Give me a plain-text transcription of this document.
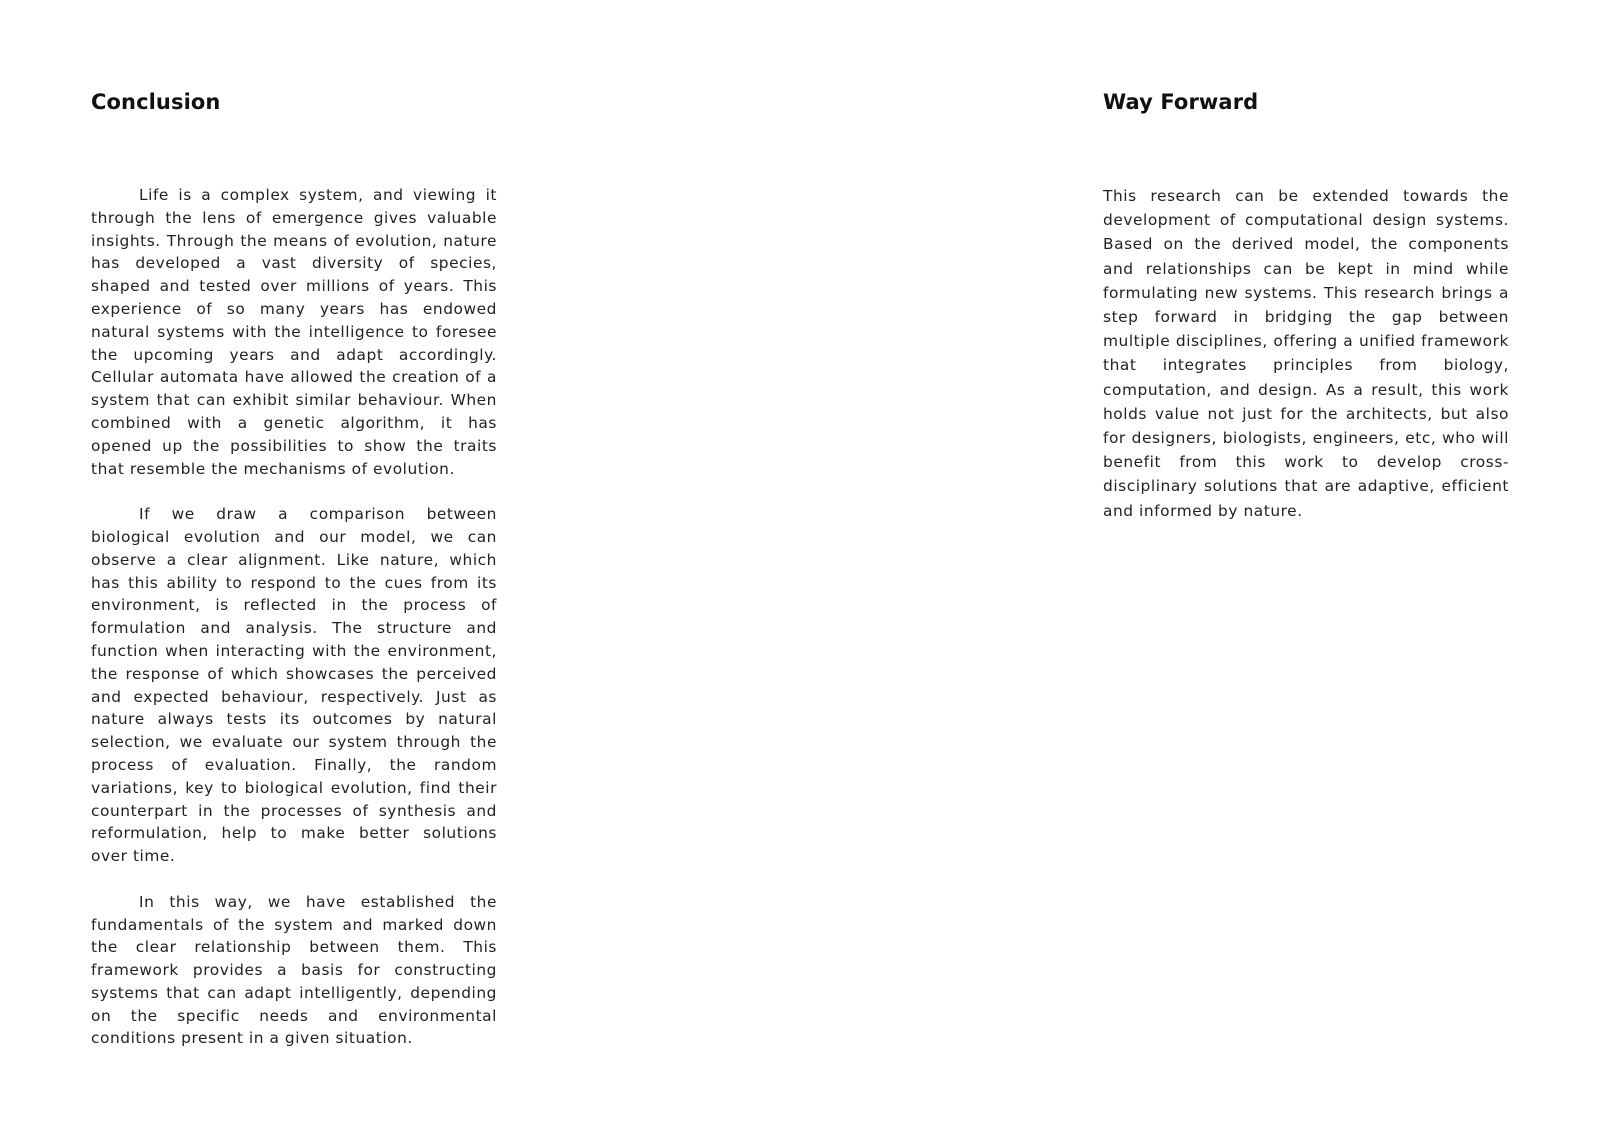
Conclusion

Life is a complex system, and viewing it through the lens of emergence gives valuable insights. Through the means of evolution, nature has developed a vast diversity of species, shaped and tested over millions of years. This experience of so many years has endowed natural systems with the intelligence to foresee the upcoming years and adapt accordingly. Cellular automata have allowed the creation of a system that can exhibit similar behaviour. When combined with a genetic algorithm, it has opened up the possibilities to show the traits that resemble the mechanisms of evolution.

If we draw a comparison between biological evolution and our model, we can observe a clear alignment. Like nature, which has this ability to respond to the cues from its environment, is reflected in the process of formulation and analysis. The structure and function when interacting with the environment, the response of which showcases the perceived and expected behaviour, respectively. Just as nature always tests its outcomes by natural selection, we evaluate our system through the process of evaluation. Finally, the random variations, key to biological evolution, find their counterpart in the processes of synthesis and reformulation, help to make better solutions over time.

In this way, we have established the fundamentals of the system and marked down the clear relationship between them. This framework provides a basis for constructing systems that can adapt intelligently, depending on the specific needs and environmental conditions present in a given situation.

Way Forward

This research can be extended towards the development of computational design systems. Based on the derived model, the components and relationships can be kept in mind while formulating new systems. This research brings a step forward in bridging the gap between multiple disciplines, offering a unified framework that integrates principles from biology, computation, and design. As a result, this work holds value not just for the architects, but also for designers, biologists, engineers, etc, who will benefit from this work to develop cross-disciplinary solutions that are adaptive, efficient and informed by nature.
